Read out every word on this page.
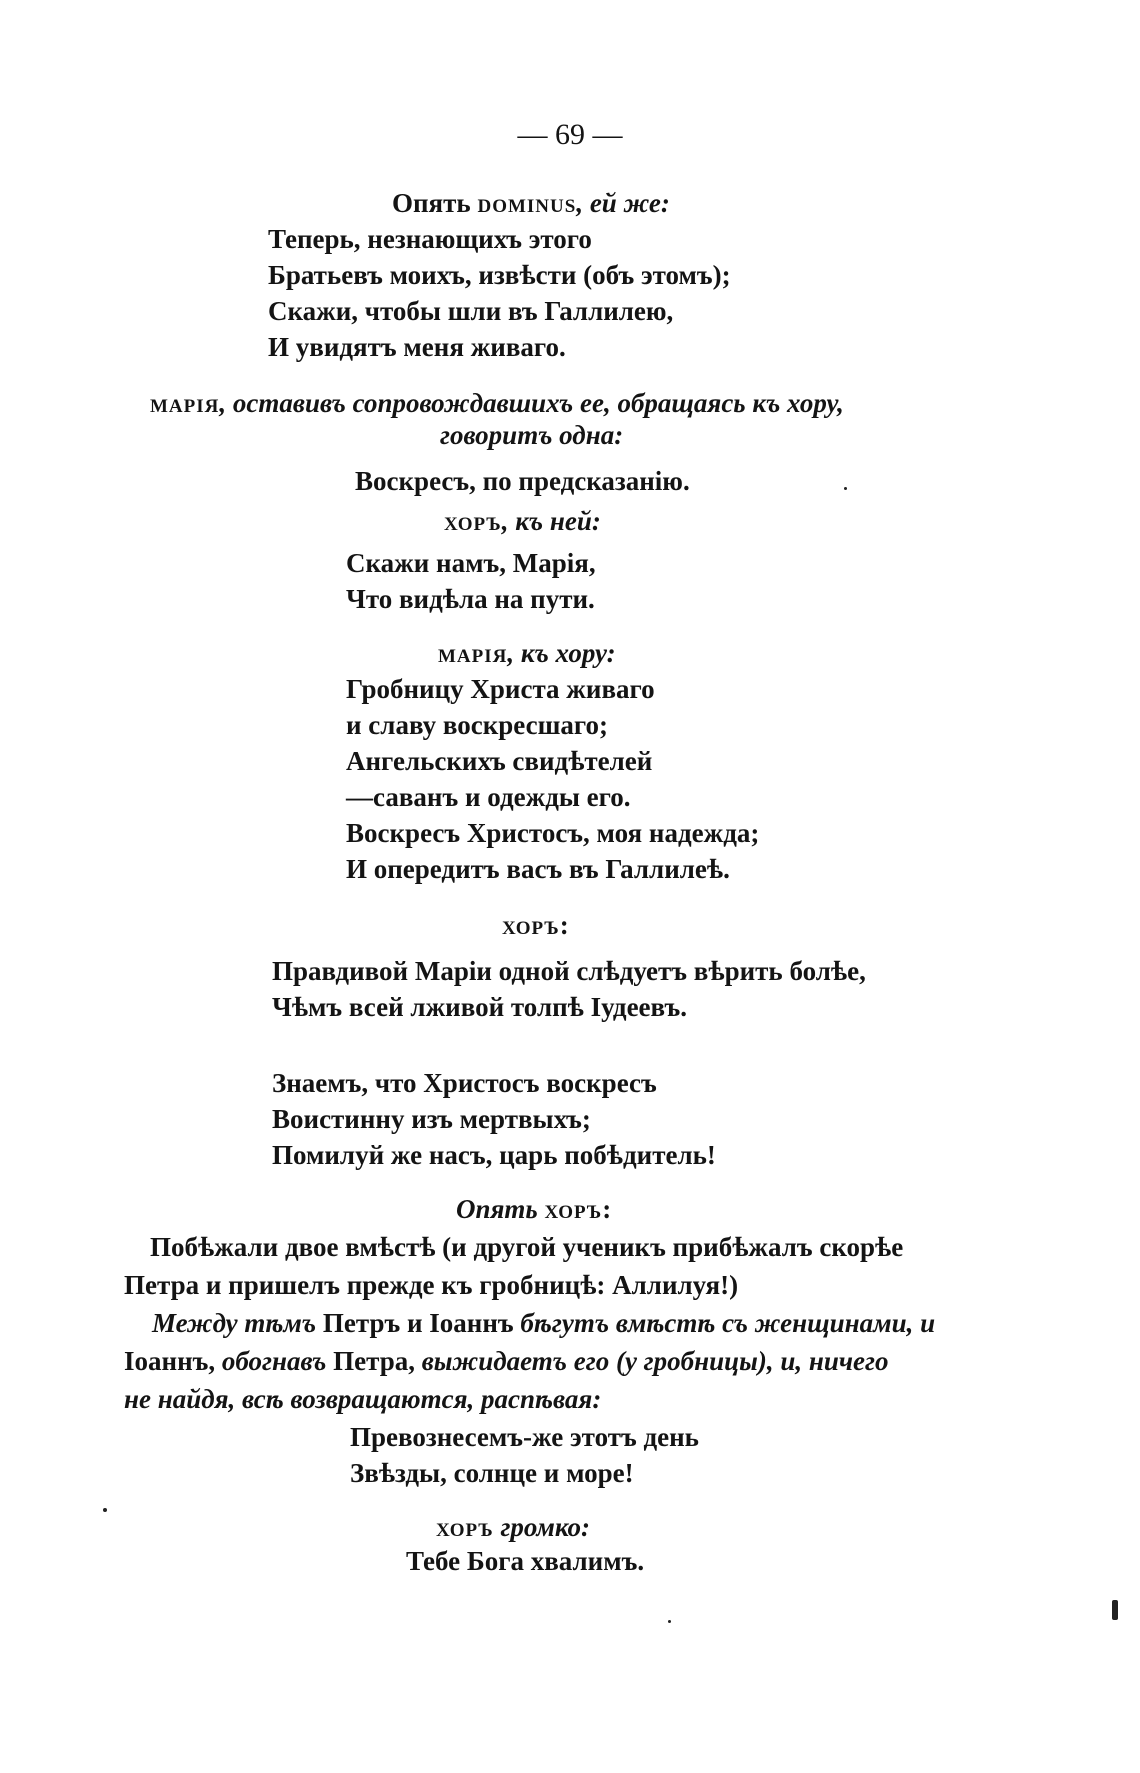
— 69 —
Опять DOMINUS, ей же:
Теперь, незнающихъ этого
Братьевъ моихъ, извѣсти (объ этомъ);
Скажи, чтобы шли въ Галлилею,
И увидятъ меня живаго.
МАРІЯ, оставивъ сопровождавшихъ ее, обращаясь къ хору,
говоритъ одна:
Воскресъ, по предсказанію.
ХОРЪ, къ ней:
Скажи намъ, Марія,
Что видѣла на пути.
МАРІЯ, къ хору:
Гробницу Христа живаго
и славу воскресшаго;
Ангельскихъ свидѣтелей
—саванъ и одежды его.
Воскресъ Христосъ, моя надежда;
И опередитъ васъ въ Галлилеѣ.
ХОРЪ:
Правдивой Маріи одной слѣдуетъ вѣрить болѣе,
Чѣмъ всей лживой толпѣ Іудеевъ.
Знаемъ, что Христосъ воскресъ
Воистинну изъ мертвыхъ;
Помилуй же насъ, царь побѣдитель!
Опять ХОРЪ:
Побѣжали двое вмѣстѣ (и другой ученикъ прибѣжалъ скорѣе
Петра и пришелъ прежде къ гробницѣ: Аллилуя!)
Между тѣмъ Петръ и Іоаннъ бѣгутъ вмѣстѣ съ женщинами, и
Іоаннъ, обогнавъ Петра, выжидаетъ его (у гробницы), и, ничего
не найдя, всѣ возвращаются, распѣвая:
Превознесемъ-же этотъ день
Звѣзды, солнце и море!
ХОРЪ громко:
Тебе Бога хвалимъ.
